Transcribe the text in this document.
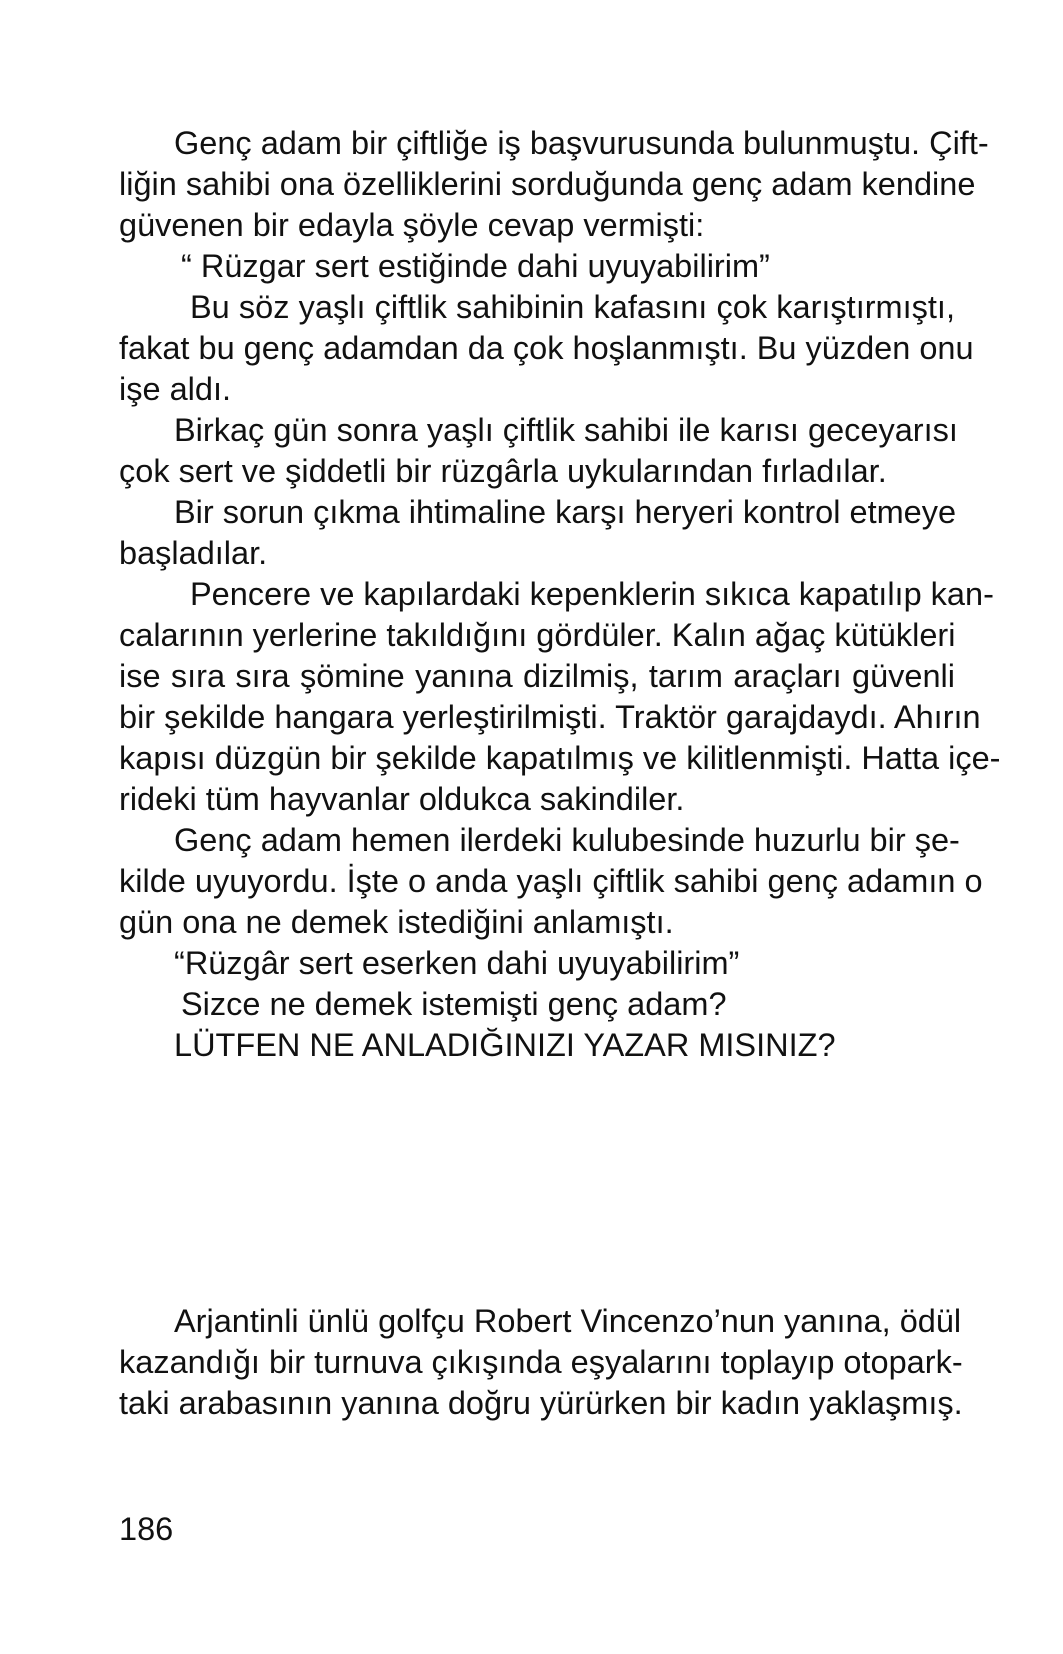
Genç adam bir çiftliğe iş başvurusunda bulunmuştu. Çift-
liğin sahibi ona özelliklerini sorduğunda genç adam kendine
güvenen bir edayla şöyle cevap vermişti:
“ Rüzgar sert estiğinde dahi uyuyabilirim”
Bu söz yaşlı çiftlik sahibinin kafasını çok karıştırmıştı,
fakat bu genç adamdan da çok hoşlanmıştı. Bu yüzden onu
işe aldı.
Birkaç gün sonra yaşlı çiftlik sahibi ile karısı geceyarısı
çok sert ve şiddetli bir rüzgârla uykularından fırladılar.
Bir sorun çıkma ihtimaline karşı heryeri kontrol etmeye
başladılar.
Pencere ve kapılardaki kepenklerin sıkıca kapatılıp kan-
calarının yerlerine takıldığını gördüler. Kalın ağaç kütükleri
ise sıra sıra şömine yanına dizilmiş, tarım araçları güvenli
bir şekilde hangara yerleştirilmişti. Traktör garajdaydı. Ahırın
kapısı düzgün bir şekilde kapatılmış ve kilitlenmişti. Hatta içe-
rideki tüm hayvanlar oldukca sakindiler.
Genç adam hemen ilerdeki kulubesinde huzurlu bir şe-
kilde uyuyordu. İşte o anda yaşlı çiftlik sahibi genç adamın o
gün ona ne demek istediğini anlamıştı.
“Rüzgâr sert eserken dahi uyuyabilirim”
Sizce ne demek istemişti genç adam?
LÜTFEN NE ANLADIĞINIZI YAZAR MISINIZ?
Arjantinli ünlü golfçu Robert Vincenzo’nun yanına, ödül
kazandığı bir turnuva çıkışında eşyalarını toplayıp otopark-
taki arabasının yanına doğru yürürken bir kadın yaklaşmış.
186
